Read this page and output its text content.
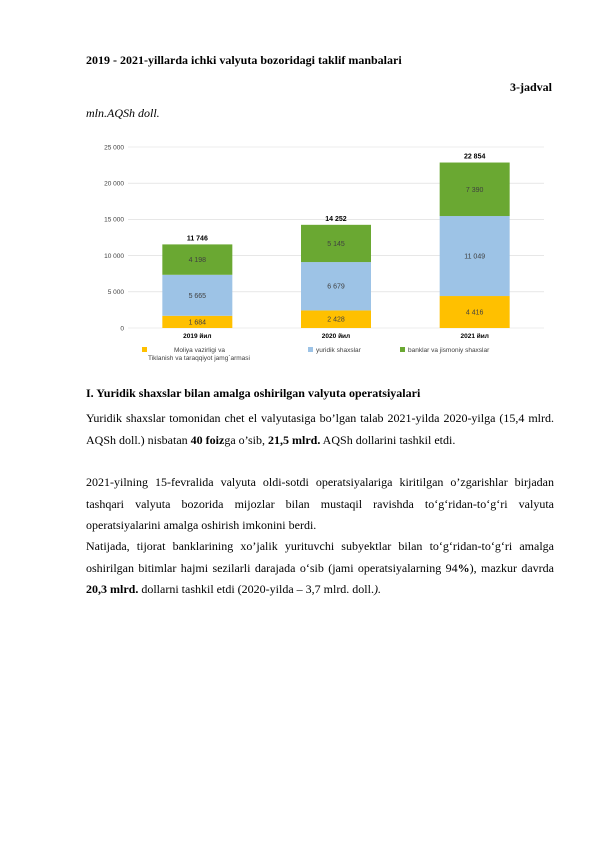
2019 - 2021-yillarda ichki valyuta bozoridagi taklif manbalari
3-jadval
mln.AQSh doll.
0
5 000
10 000
15 000
20 000
25 000
1 684
5 665
4 198
11 746
2019 йил
2 428
6 679
5 145
14 252
2020 йил
4 416
11 049
7 390
22 854
2021 йил
Moliya vazirligi va
Tiklanish va taraqqiyot jamg`armasi
yuridik shaxslar	banklar va jismoniy shaxslar
I. Yuridik shaxslar bilan amalga oshirilgan valyuta operatsiyalari
Yuridik shaxslar tomonidan chet el valyutasiga bo’lgan talab 2021-yilda 2020-yilga (15,4 mlrd. AQSh doll.) nisbatan 40 foizga o’sib, 21,5 mlrd. AQSh dollarini tashkil etdi.
2021-yilning 15-fevralida valyuta oldi-sotdi operatsiyalariga kiritilgan o’zgarishlar birjadan tashqari valyuta bozorida mijozlar bilan mustaqil ravishda to‘g‘ridan-to‘g‘ri valyuta operatsiyalarini amalga oshirish imkonini berdi.
Natijada, tijorat banklarining xo’jalik yurituvchi subyektlar bilan to‘g‘ridan-to‘g‘ri amalga oshirilgan bitimlar hajmi sezilarli darajada o‘sib (jami operatsiyalarning 94%), mazkur davrda 20,3 mlrd. dollarni tashkil etdi (2020-yilda – 3,7 mlrd. doll.).
